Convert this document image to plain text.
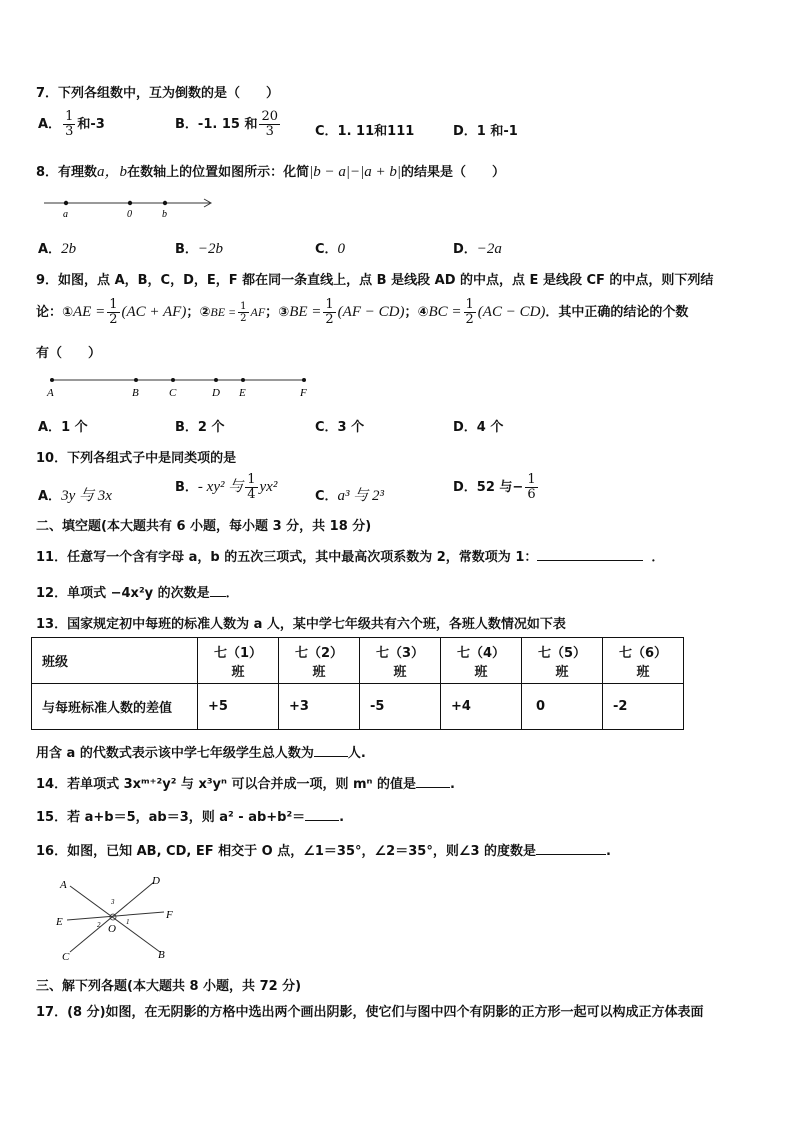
7．下列各组数中，互为倒数的是（　　）
A． $\frac{1}{3}$ 和-3	B．-1. 15 和 $\frac{20}{3}$	C．1. 11和111	D．1 和-1
8．有理数a，b在数轴上的位置如图所示：化简|b − a|−|a + b|的结果是（　　）
a	0	b
A．2b	B．−2b	C．0	D．−2a
9．如图，点 A，B，C，D，E，F 都在同一条直线上，点 B 是线段 AD 的中点，点 E 是线段 CF 的中点，则下列结
论：①AE = $\frac{1}{2} (AC + AF)$；②BE = $\frac{1}{2}$ AF；③BE = $\frac{1}{2} (AF - CD)$；④BC = $\frac{1}{2} (AC - CD)$．其中正确的结论的个数
有（　　）
A	B	C	D E	F
A．1 个	B．2 个	C．3 个	D．4 个
10．下列各组式子中是同类项的是
A．3y 与 3x
B．- xy² 与 $\frac{1}{4} yx^2$
C．a³ 与 2³
D．52 与− $\frac{1}{6}$
二、填空题(本大题共有 6 小题，每小题 3 分，共 18 分)
11．任意写一个含有字母 a，b 的五次三项式，其中最高次项系数为 2，常数项为 1：	．
12．单项式 −4x²y 的次数是 ．
13．国家规定初中每班的标准人数为 a 人，某中学七年级共有六个班，各班人数情况如下表
班级	七（1）班	七（2）班	七（3）班	七（4）班	七（5）班	七（6）班
与每班标准人数的差值	+5	+3	-5	+4	0	-2
用含 a 的代数式表示该中学七年级学生总人数为	人.
14．若单项式 3xᵐ⁺²y² 与 x³yⁿ 可以合并成一项，则 mⁿ 的值是	.
15．若 a+b＝5，ab＝3，则 a² - ab+b²＝	.
16．如图，已知 AB, CD, EF 相交于 O 点，∠1＝35°，∠2＝35°，则∠3 的度数是	.
A	D
E
F
C	B
O
1
2
3
三、解下列各题(本大题共 8 小题，共 72 分)
17．(8 分)如图，在无阴影的方格中选出两个画出阴影，使它们与图中四个有阴影的正方形一起可以构成正方体表面
